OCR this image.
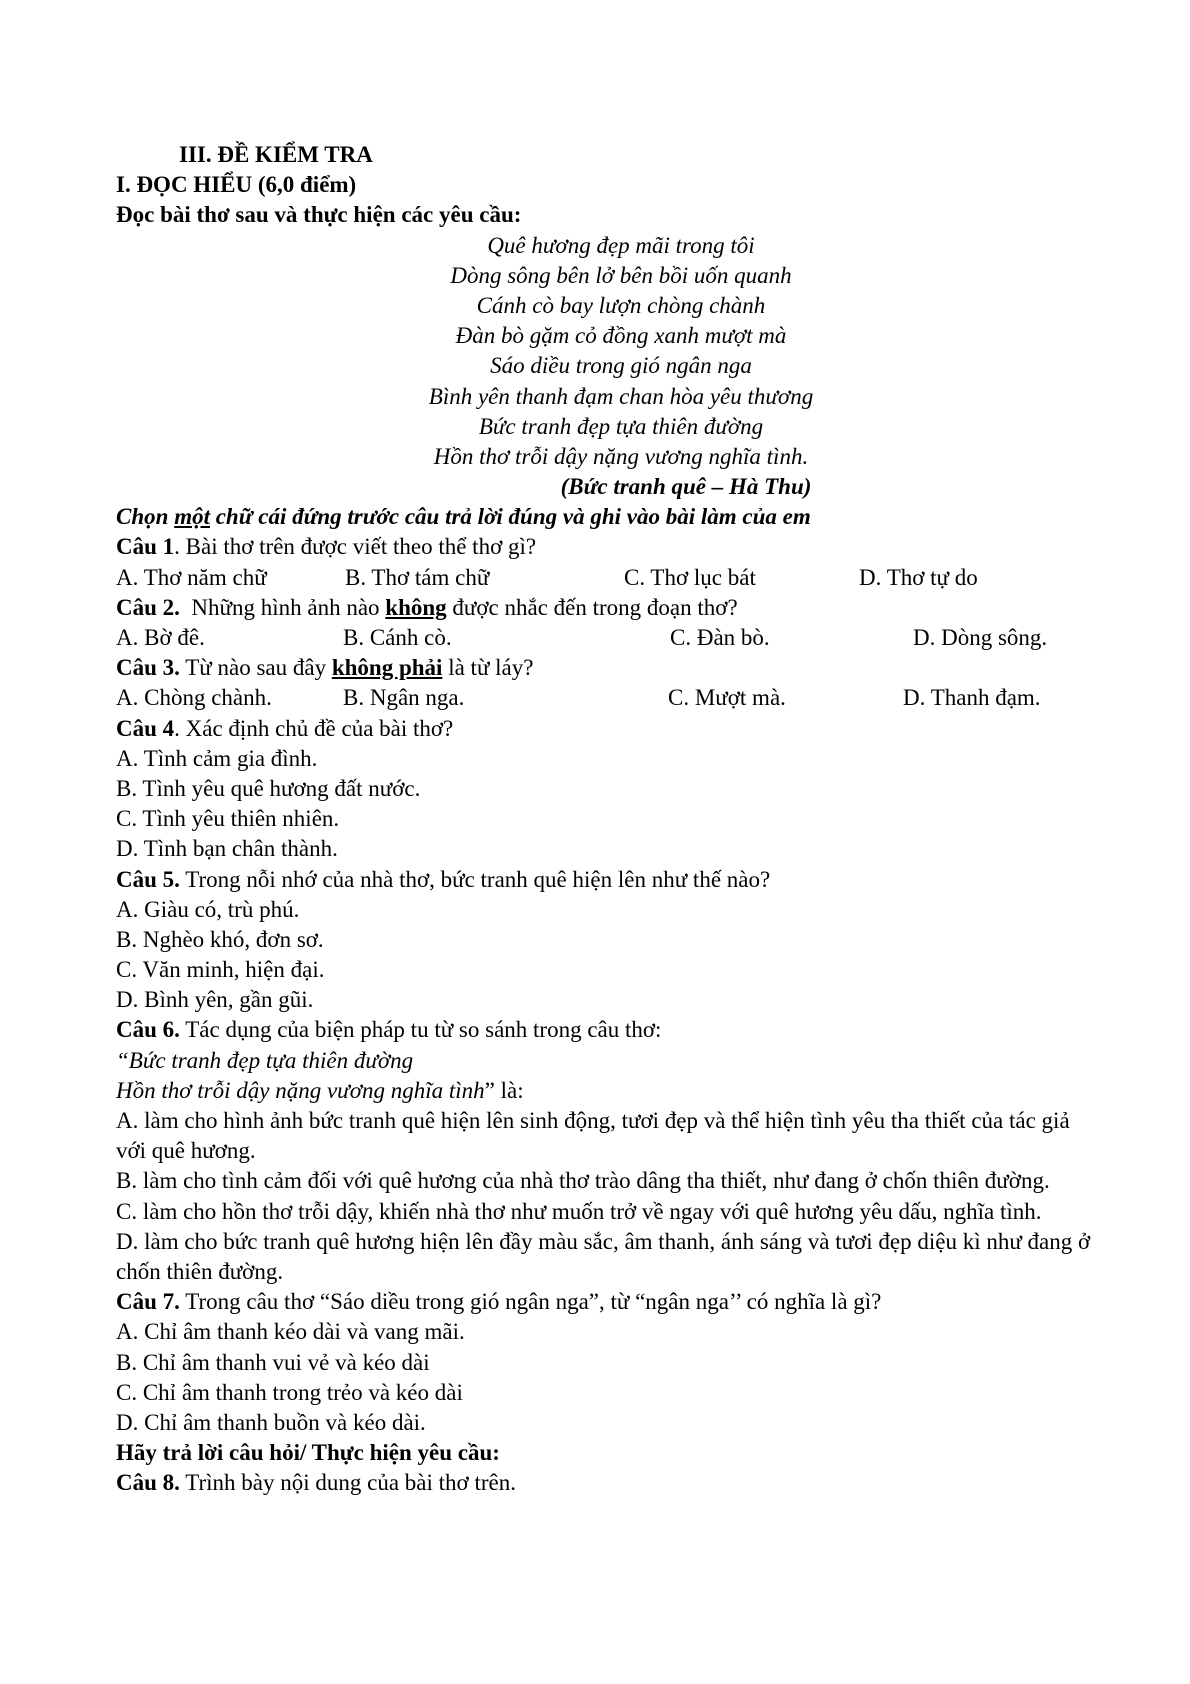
III. ĐỀ KIỂM TRA
I. ĐỌC HIỂU (6,0 điểm)
Đọc bài thơ sau và thực hiện các yêu cầu:
Quê hương đẹp mãi trong tôi
Dòng sông bên lở bên bồi uốn quanh
Cánh cò bay lượn chòng chành
Đàn bò gặm cỏ đồng xanh mượt mà
Sáo diều trong gió ngân nga
Bình yên thanh đạm chan hòa yêu thương
Bức tranh đẹp tựa thiên đường
Hồn thơ trỗi dậy nặng vương nghĩa tình.
(Bức tranh quê – Hà Thu)
Chọn một chữ cái đứng trước câu trả lời đúng và ghi vào bài làm của em
Câu 1. Bài thơ trên được viết theo thể thơ gì?
A. Thơ năm chữ	B. Thơ tám chữ	C. Thơ lục bát	D. Thơ tự do
Câu 2.  Những hình ảnh nào không được nhắc đến trong đoạn thơ?
A. Bờ đê.	B. Cánh cò.	C. Đàn bò.	D. Dòng sông.
Câu 3. Từ nào sau đây không phải là từ láy?
A. Chòng chành.	B. Ngân nga.	C. Mượt mà.	D. Thanh đạm.
Câu 4. Xác định chủ đề của bài thơ?
A. Tình cảm gia đình.
B. Tình yêu quê hương đất nước.
C. Tình yêu thiên nhiên.
D. Tình bạn chân thành.
Câu 5. Trong nỗi nhớ của nhà thơ, bức tranh quê hiện lên như thế nào?
A. Giàu có, trù phú.
B. Nghèo khó, đơn sơ.
C. Văn minh, hiện đại.
D. Bình yên, gần gũi.
Câu 6. Tác dụng của biện pháp tu từ so sánh trong câu thơ:
“Bức tranh đẹp tựa thiên đường
Hồn thơ trỗi dậy nặng vương nghĩa tình” là:
A. làm cho hình ảnh bức tranh quê hiện lên sinh động, tươi đẹp và thể hiện tình yêu tha thiết của tác giả với quê hương.
B. làm cho tình cảm đối với quê hương của nhà thơ trào dâng tha thiết, như đang ở chốn thiên đường.
C. làm cho hồn thơ trỗi dậy, khiến nhà thơ như muốn trở về ngay với quê hương yêu dấu, nghĩa tình.
D. làm cho bức tranh quê hương hiện lên đầy màu sắc, âm thanh, ánh sáng và tươi đẹp diệu kì như đang ở chốn thiên đường.
Câu 7. Trong câu thơ “Sáo diều trong gió ngân nga”, từ “ngân nga’’ có nghĩa là gì?
A. Chỉ âm thanh kéo dài và vang mãi.
B. Chỉ âm thanh vui vẻ và kéo dài
C. Chỉ âm thanh trong trẻo và kéo dài
D. Chỉ âm thanh buồn và kéo dài.
Hãy trả lời câu hỏi/ Thực hiện yêu cầu:
Câu 8. Trình bày nội dung của bài thơ trên.
